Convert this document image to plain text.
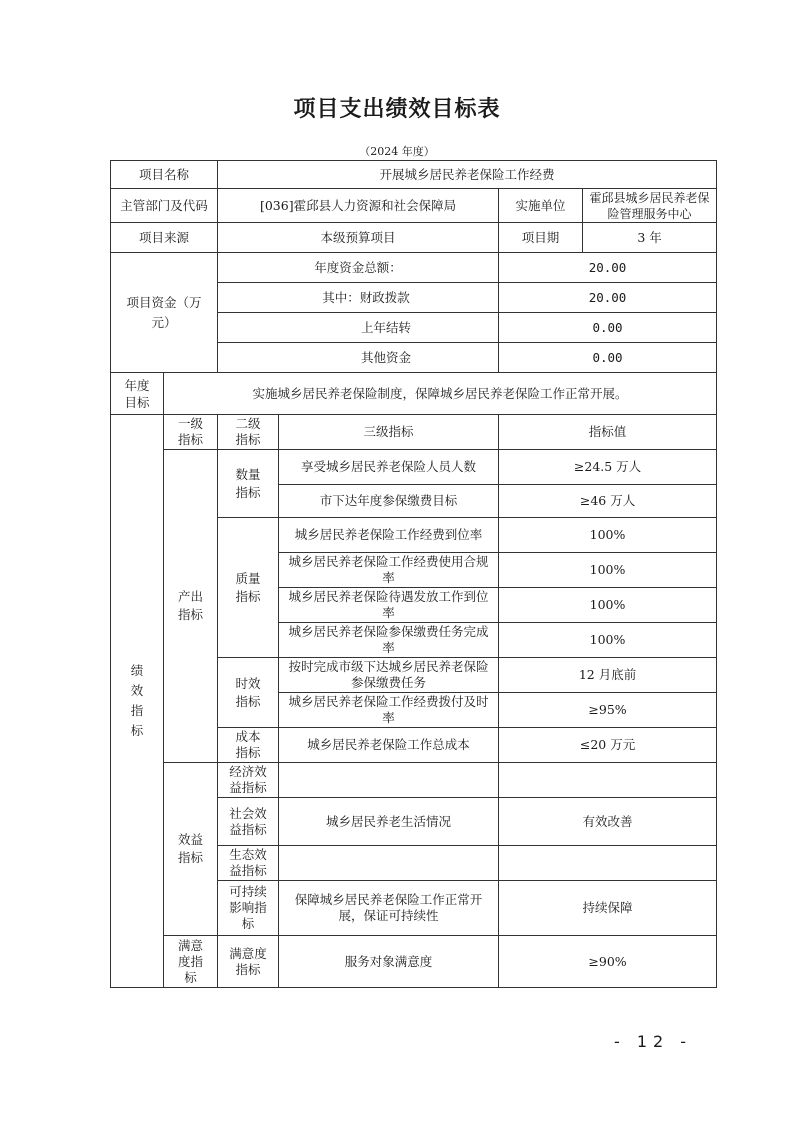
项目支出绩效目标表
（2024 年度）
项目名称		开展城乡居民养老保险工作经费			
主管部门及代码		[036]霍邱县人力资源和社会保障局		实施单位	霍邱县城乡居民养老保险管理服务中心
项目来源		本级预算项目		项目期	3 年
项目资金（万元）		年度资金总额：		20.00	
		其中：财政拨款		20.00	
		上年结转		0.00	
		其他资金		0.00	
年度目标	实施城乡居民养老保险制度，保障城乡居民养老保险工作正常开展。				
绩效指标	一级指标	二级指标	三级指标	指标值	
	产出指标	数量指标	享受城乡居民养老保险人员人数	≥24.5 万人	
			市下达年度参保缴费目标	≥46 万人	
		质量指标	城乡居民养老保险工作经费到位率	100%	
			城乡居民养老保险工作经费使用合规率	100%	
			城乡居民养老保险待遇发放工作到位率	100%	
			城乡居民养老保险参保缴费任务完成率	100%	
		时效指标	按时完成市级下达城乡居民养老保险参保缴费任务	12 月底前	
			城乡居民养老保险工作经费拨付及时率	≥95%	
		成本指标	城乡居民养老保险工作总成本	≤20 万元	
	效益指标	经济效益指标			
		社会效益指标	城乡居民养老生活情况	有效改善	
		生态效益指标			
		可持续影响指标	保障城乡居民养老保险工作正常开展，保证可持续性	持续保障	
	满意度指标	满意度指标	服务对象满意度	≥90%	
- 12 -
